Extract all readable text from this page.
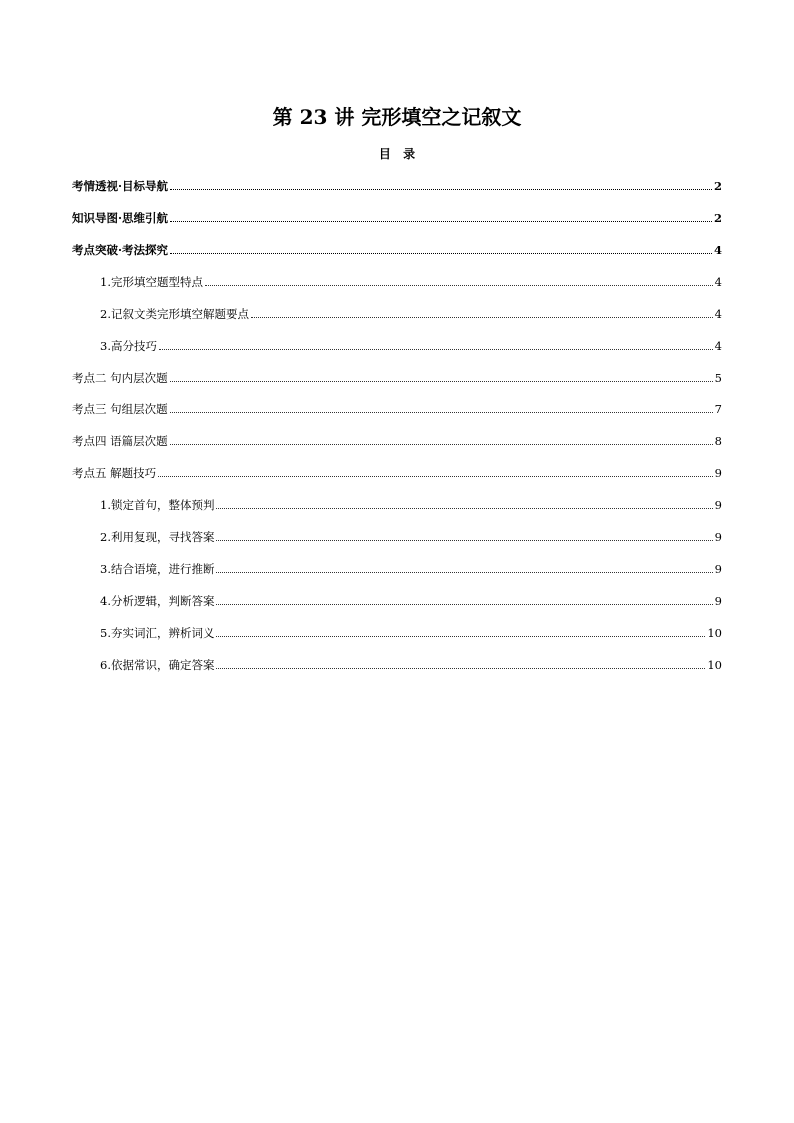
第 23 讲 完形填空之记叙文
目 录
考情透视·目标导航	2
知识导图·思维引航	2
考点突破·考法探究	4
1.完形填空题型特点	4
2.记叙文类完形填空解题要点	4
3.高分技巧	4
考点二 句内层次题	5
考点三 句组层次题	7
考点四 语篇层次题	8
考点五 解题技巧	9
1.锁定首句，整体预判	9
2.利用复现，寻找答案	9
3.结合语境，进行推断	9
4.分析逻辑，判断答案	9
5.夯实词汇，辨析词义	10
6.依据常识，确定答案	10
